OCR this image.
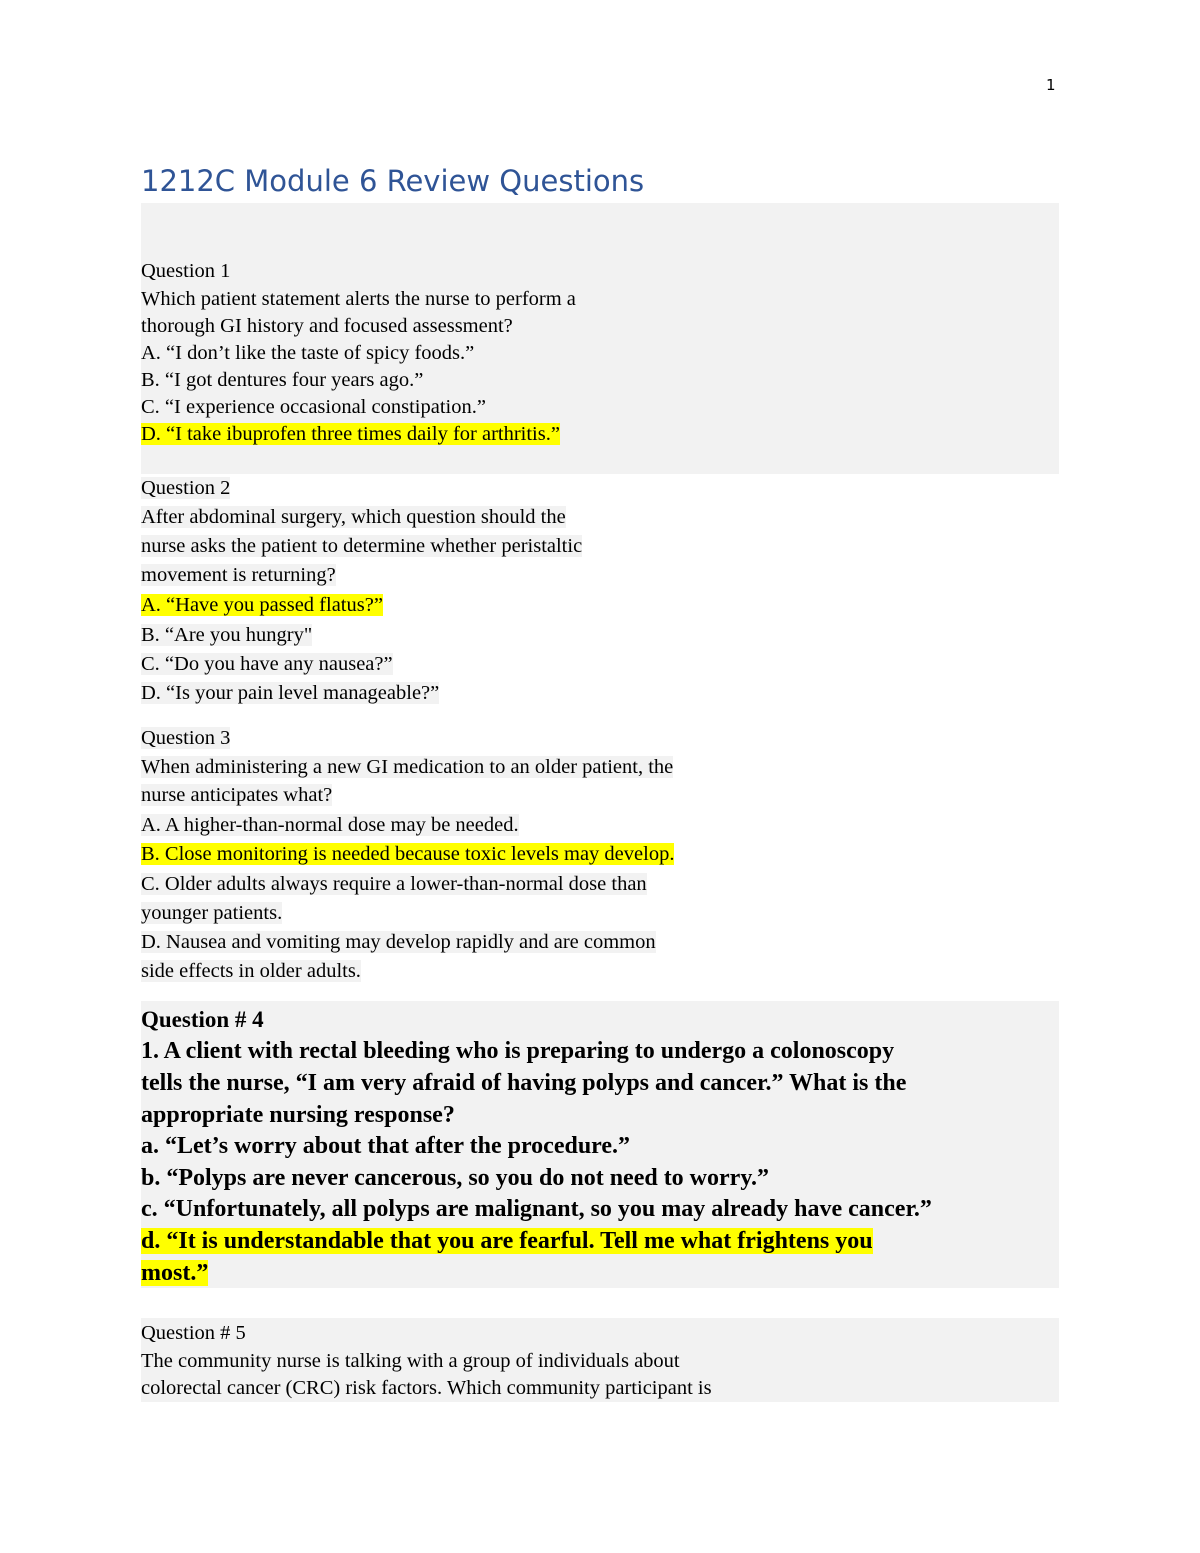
1
1212C Module 6 Review Questions
Question 1
Which patient statement alerts the nurse to perform a
thorough GI history and focused assessment?
A. “I don’t like the taste of spicy foods.”
B. “I got dentures four years ago.”
C. “I experience occasional constipation.”
D. “I take ibuprofen three times daily for arthritis.”
Question 2
After abdominal surgery, which question should the
nurse asks the patient to determine whether peristaltic
movement is returning?
A. “Have you passed flatus?”
B. “Are you hungry"
C. “Do you have any nausea?”
D. “Is your pain level manageable?”
Question 3
When administering a new GI medication to an older patient, the
nurse anticipates what?
A. A higher-than-normal dose may be needed.
B. Close monitoring is needed because toxic levels may develop.
C. Older adults always require a lower-than-normal dose than
younger patients.
D. Nausea and vomiting may develop rapidly and are common
side effects in older adults.
Question # 4
1. A client with rectal bleeding who is preparing to undergo a colonoscopy
tells the nurse, “I am very afraid of having polyps and cancer.” What is the
appropriate nursing response?
a. “Let’s worry about that after the procedure.”
b. “Polyps are never cancerous, so you do not need to worry.”
c. “Unfortunately, all polyps are malignant, so you may already have cancer.”
d. “It is understandable that you are fearful. Tell me what frightens you
most.”
Question # 5
The community nurse is talking with a group of individuals about
colorectal cancer (CRC) risk factors. Which community participant is
